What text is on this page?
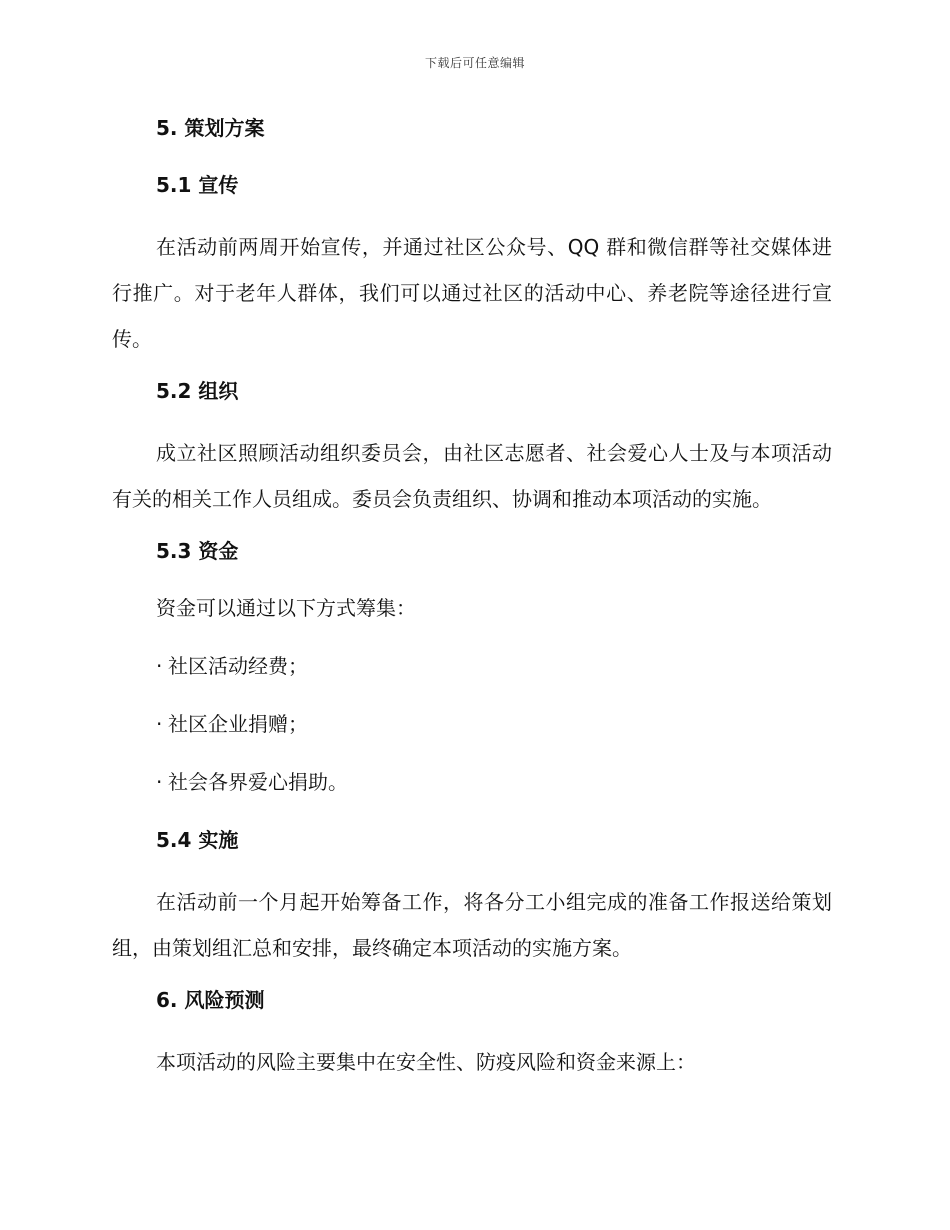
下载后可任意编辑
5. 策划方案
5.1 宣传
在活动前两周开始宣传，并通过社区公众号、QQ 群和微信群等社交媒体进行推广。对于老年人群体，我们可以通过社区的活动中心、养老院等途径进行宣传。
5.2 组织
成立社区照顾活动组织委员会，由社区志愿者、社会爱心人士及与本项活动有关的相关工作人员组成。委员会负责组织、协调和推动本项活动的实施。
5.3 资金
资金可以通过以下方式筹集：
· 社区活动经费；
· 社区企业捐赠；
· 社会各界爱心捐助。
5.4 实施
在活动前一个月起开始筹备工作，将各分工小组完成的准备工作报送给策划组，由策划组汇总和安排，最终确定本项活动的实施方案。
6. 风险预测
本项活动的风险主要集中在安全性、防疫风险和资金来源上：
